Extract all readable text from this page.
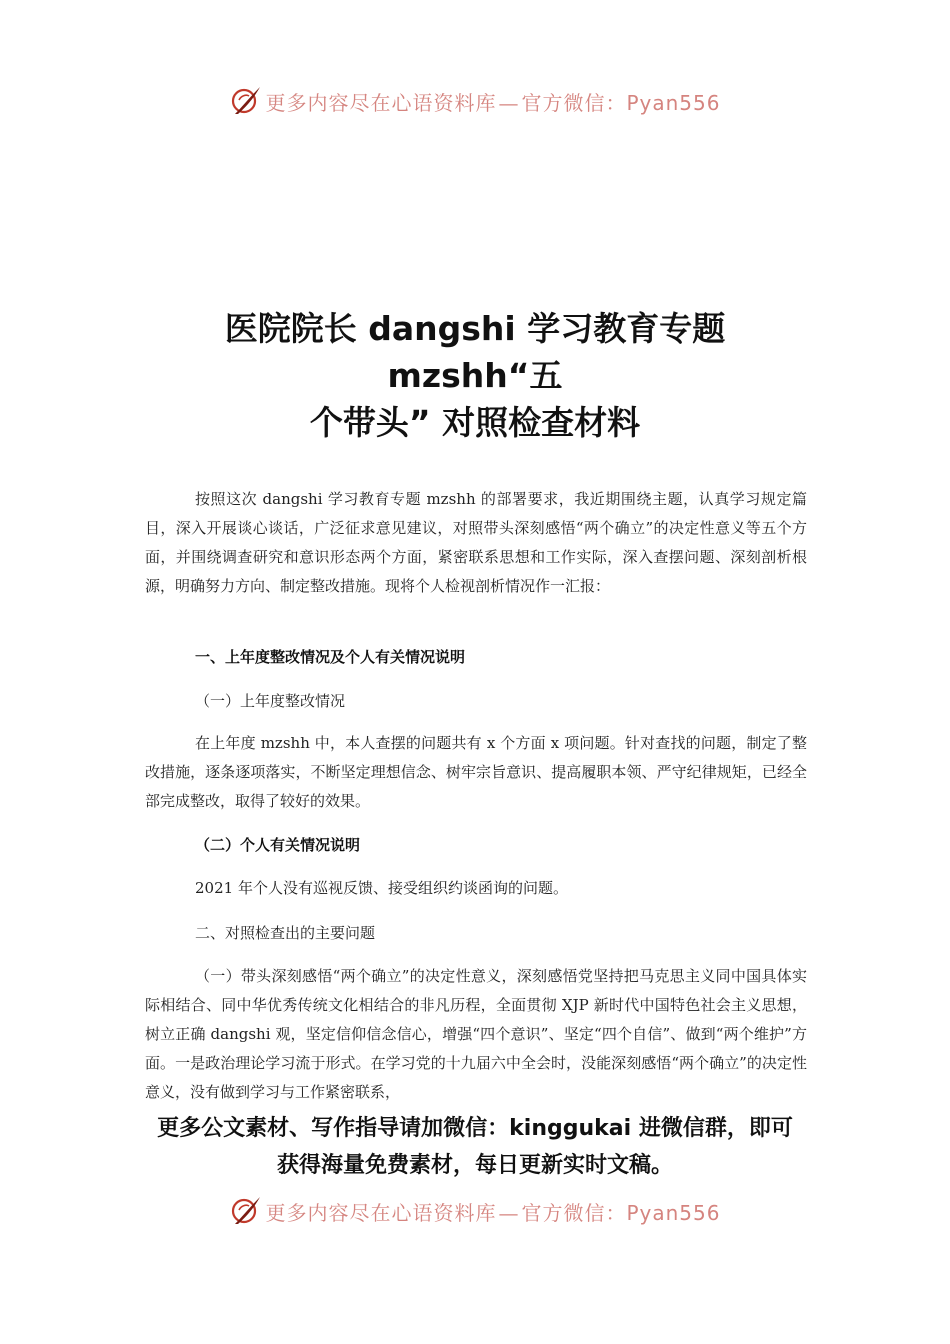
更多内容尽在心语资料库 — 官方微信：Pyan556
医院院长 dangshi 学习教育专题 mzshh“五
个带头” 对照检查材料

按照这次 dangshi 学习教育专题 mzshh 的部署要求，我近期围绕主题，认真学习规定篇目，深入开展谈心谈话，广泛征求意见建议，对照带头深刻感悟“两个确立”的决定性意义等五个方面，并围绕调查研究和意识形态两个方面，紧密联系思想和工作实际，深入查摆问题、深刻剖析根源，明确努力方向、制定整改措施。现将个人检视剖析情况作一汇报：

一、上年度整改情况及个人有关情况说明

（一）上年度整改情况

在上年度 mzshh 中，本人查摆的问题共有 x 个方面 x 项问题。针对查找的问题，制定了整改措施，逐条逐项落实，不断坚定理想信念、树牢宗旨意识、提高履职本领、严守纪律规矩，已经全部完成整改，取得了较好的效果。

（二）个人有关情况说明

2021 年个人没有巡视反馈、接受组织约谈函询的问题。

二、对照检查出的主要问题

（一）带头深刻感悟“两个确立”的决定性意义，深刻感悟党坚持把马克思主义同中国具体实际相结合、同中华优秀传统文化相结合的非凡历程，全面贯彻 XJP 新时代中国特色社会主义思想，树立正确 dangshi 观，坚定信仰信念信心，增强“四个意识”、坚定“四个自信”、做到“两个维护”方面。一是政治理论学习流于形式。在学习党的十九届六中全会时，没能深刻感悟“两个确立”的决定性意义，没有做到学习与工作紧密联系，

更多公文素材、写作指导请加微信：kinggukai 进微信群，即可
获得海量免费素材，每日更新实时文稿。
更多内容尽在心语资料库 — 官方微信：Pyan556
